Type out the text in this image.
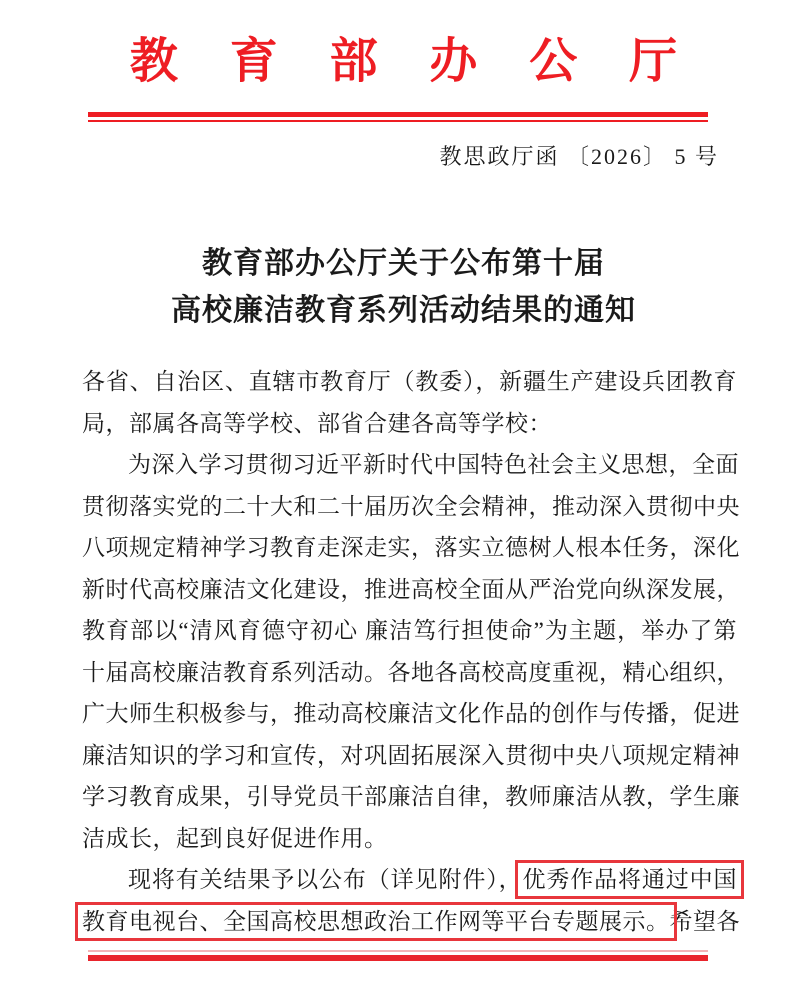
教育部办公厅
教思政厅函 〔2026〕 5 号
教育部办公厅关于公布第十届
高校廉洁教育系列活动结果的通知
各省、自治区、直辖市教育厅（教委），新疆生产建设兵团教育
局，部属各高等学校、部省合建各高等学校：
为深入学习贯彻习近平新时代中国特色社会主义思想，全面
贯彻落实党的二十大和二十届历次全会精神，推动深入贯彻中央
八项规定精神学习教育走深走实，落实立德树人根本任务，深化
新时代高校廉洁文化建设，推进高校全面从严治党向纵深发展，
教育部以“清风育德守初心 廉洁笃行担使命”为主题，举办了第
十届高校廉洁教育系列活动。各地各高校高度重视，精心组织，
广大师生积极参与，推动高校廉洁文化作品的创作与传播，促进
廉洁知识的学习和宣传，对巩固拓展深入贯彻中央八项规定精神
学习教育成果，引导党员干部廉洁自律，教师廉洁从教，学生廉
洁成长，起到良好促进作用。
现将有关结果予以公布（详见附件），优秀作品将通过中国
教育电视台、全国高校思想政治工作网等平台专题展示。希望各
